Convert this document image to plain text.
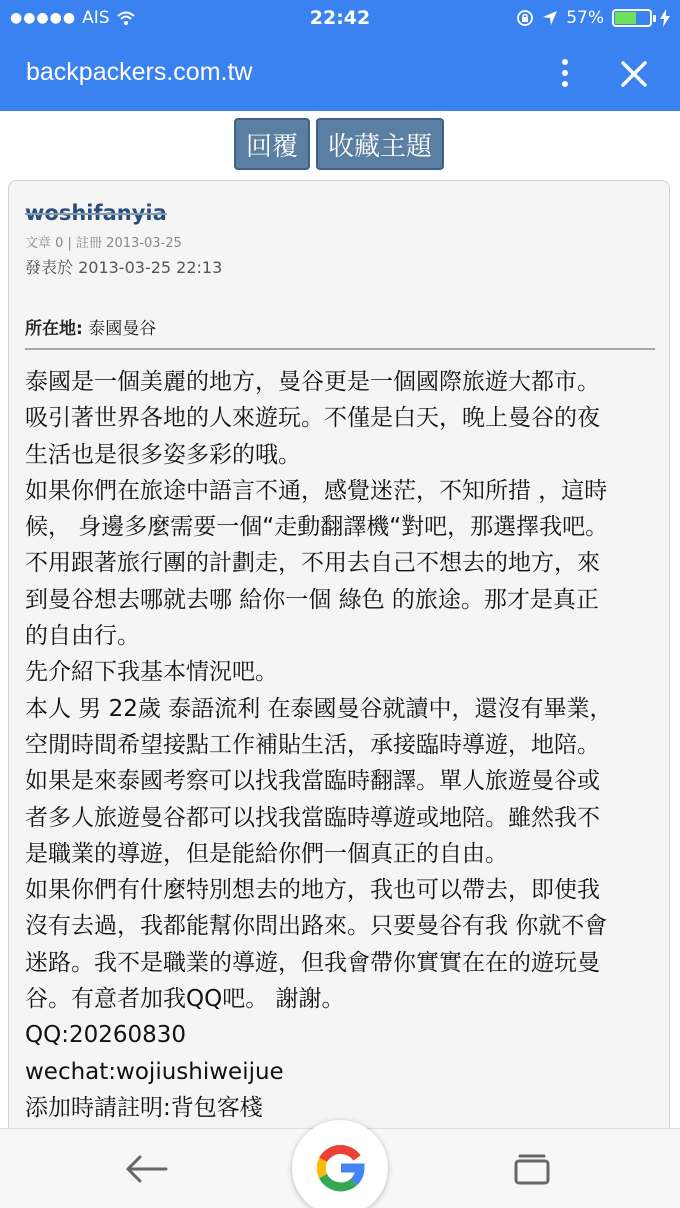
●●●●● AIS	22:42	57%
backpackers.com.tw
回覆	收藏主題
woshifanyia
文章 0 | 註冊 2013-03-25
發表於 2013-03-25 22:13
所在地: 泰國曼谷
泰國是一個美麗的地方，曼谷更是一個國際旅遊大都市。
吸引著世界各地的人來遊玩。不僅是白天，晚上曼谷的夜
生活也是很多姿多彩的哦。
如果你們在旅途中語言不通，感覺迷茫，不知所措 ，這時
候， 身邊多麼需要一個“走動翻譯機“對吧，那選擇我吧。
不用跟著旅行團的計劃走，不用去自己不想去的地方，來
到曼谷想去哪就去哪 給你一個 綠色 的旅途。那才是真正
的自由行。
先介紹下我基本情況吧。
本人 男 22歲 泰語流利 在泰國曼谷就讀中，還沒有畢業，
空閒時間希望接點工作補貼生活，承接臨時導遊，地陪。
如果是來泰國考察可以找我當臨時翻譯。單人旅遊曼谷或
者多人旅遊曼谷都可以找我當臨時導遊或地陪。雖然我不
是職業的導遊，但是能給你們一個真正的自由。
如果你們有什麼特別想去的地方，我也可以帶去，即使我
沒有去過，我都能幫你問出路來。只要曼谷有我 你就不會
迷路。我不是職業的導遊，但我會帶你實實在在的遊玩曼
谷。有意者加我QQ吧。 謝謝。
QQ:20260830
wechat:wojiushiweijue
添加時請註明:背包客棧
